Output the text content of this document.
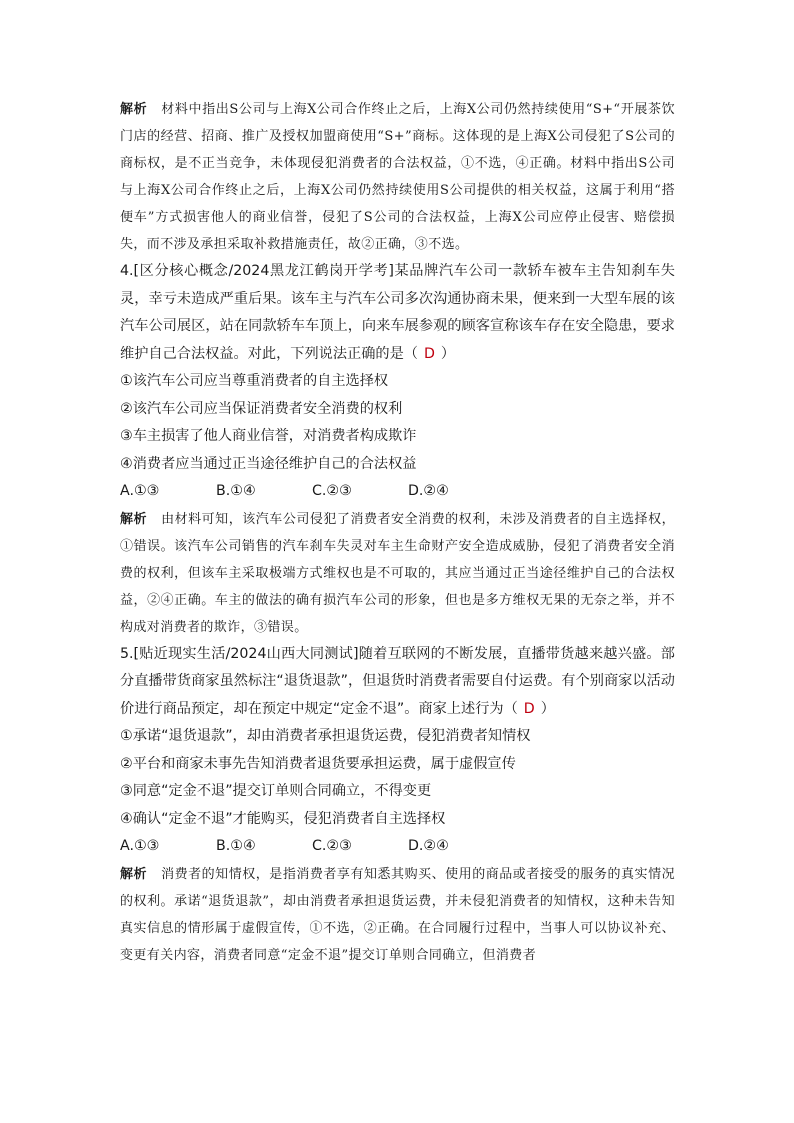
解析 材料中指出S公司与上海X公司合作终止之后，上海X公司仍然持续使用“S+“开展茶饮门店的经营、招商、推广及授权加盟商使用“S+”商标。这体现的是上海X公司侵犯了S公司的商标权，是不正当竞争，未体现侵犯消费者的合法权益，①不选，④正确。材料中指出S公司与上海X公司合作终止之后，上海X公司仍然持续使用S公司提供的相关权益，这属于利用“搭便车”方式损害他人的商业信誉，侵犯了S公司的合法权益，上海X公司应停止侵害、赔偿损失，而不涉及承担采取补救措施责任，故②正确，③不选。

4.[区分核心概念/2024黑龙江鹤岗开学考]某品牌汽车公司一款轿车被车主告知刹车失灵，幸亏未造成严重后果。该车主与汽车公司多次沟通协商未果，便来到一大型车展的该汽车公司展区，站在同款轿车车顶上，向来车展参观的顾客宣称该车存在安全隐患，要求维护自己合法权益。对此，下列说法正确的是（ D ）

①该汽车公司应当尊重消费者的自主选择权

②该汽车公司应当保证消费者安全消费的权利

③车主损害了他人商业信誉，对消费者构成欺诈

④消费者应当通过正当途径维护自己的合法权益

A.①③	B.①④	C.②③	D.②④

解析 由材料可知，该汽车公司侵犯了消费者安全消费的权利，未涉及消费者的自主选择权，①错误。该汽车公司销售的汽车刹车失灵对车主生命财产安全造成威胁，侵犯了消费者安全消费的权利，但该车主采取极端方式维权也是不可取的，其应当通过正当途径维护自己的合法权益，②④正确。车主的做法的确有损汽车公司的形象，但也是多方维权无果的无奈之举，并不构成对消费者的欺诈，③错误。

5.[贴近现实生活/2024山西大同测试]随着互联网的不断发展，直播带货越来越兴盛。部分直播带货商家虽然标注“退货退款”，但退货时消费者需要自付运费。有个别商家以活动价进行商品预定，却在预定中规定“定金不退”。商家上述行为（ D ）

①承诺“退货退款”，却由消费者承担退货运费，侵犯消费者知情权

②平台和商家未事先告知消费者退货要承担运费，属于虚假宣传

③同意“定金不退”提交订单则合同确立，不得变更

④确认“定金不退”才能购买，侵犯消费者自主选择权

A.①③	B.①④	C.②③	D.②④

解析 消费者的知情权，是指消费者享有知悉其购买、使用的商品或者接受的服务的真实情况的权利。承诺“退货退款”，却由消费者承担退货运费，并未侵犯消费者的知情权，这种未告知真实信息的情形属于虚假宣传，①不选，②正确。在合同履行过程中，当事人可以协议补充、变更有关内容，消费者同意“定金不退”提交订单则合同确立，但消费者
